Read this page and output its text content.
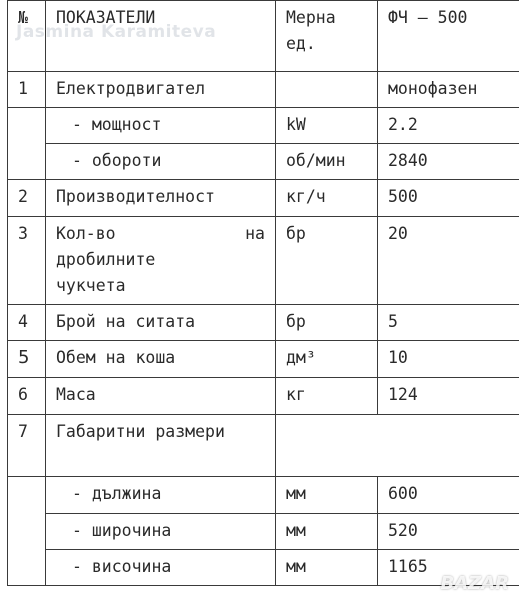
№	ПОКАЗАТЕЛИ	Мерна ед.	ФЧ – 500
1	Електродвигател		монофазен
	- мощност	kW	2.2
	- обороти	об/мин	2840
2	Производителност	кг/ч	500
3	Кол-во на
дробилните
чукчета	бр	20
4	Брой на ситата	бр	5
5	Обем на коша	дм³	10
6	Маса	кг	124
7	Габаритни размери		
	- дължина	мм	600
	- широчина	мм	520
	- височина	мм	1165
Jasmina Karamiteva
BAZAR
